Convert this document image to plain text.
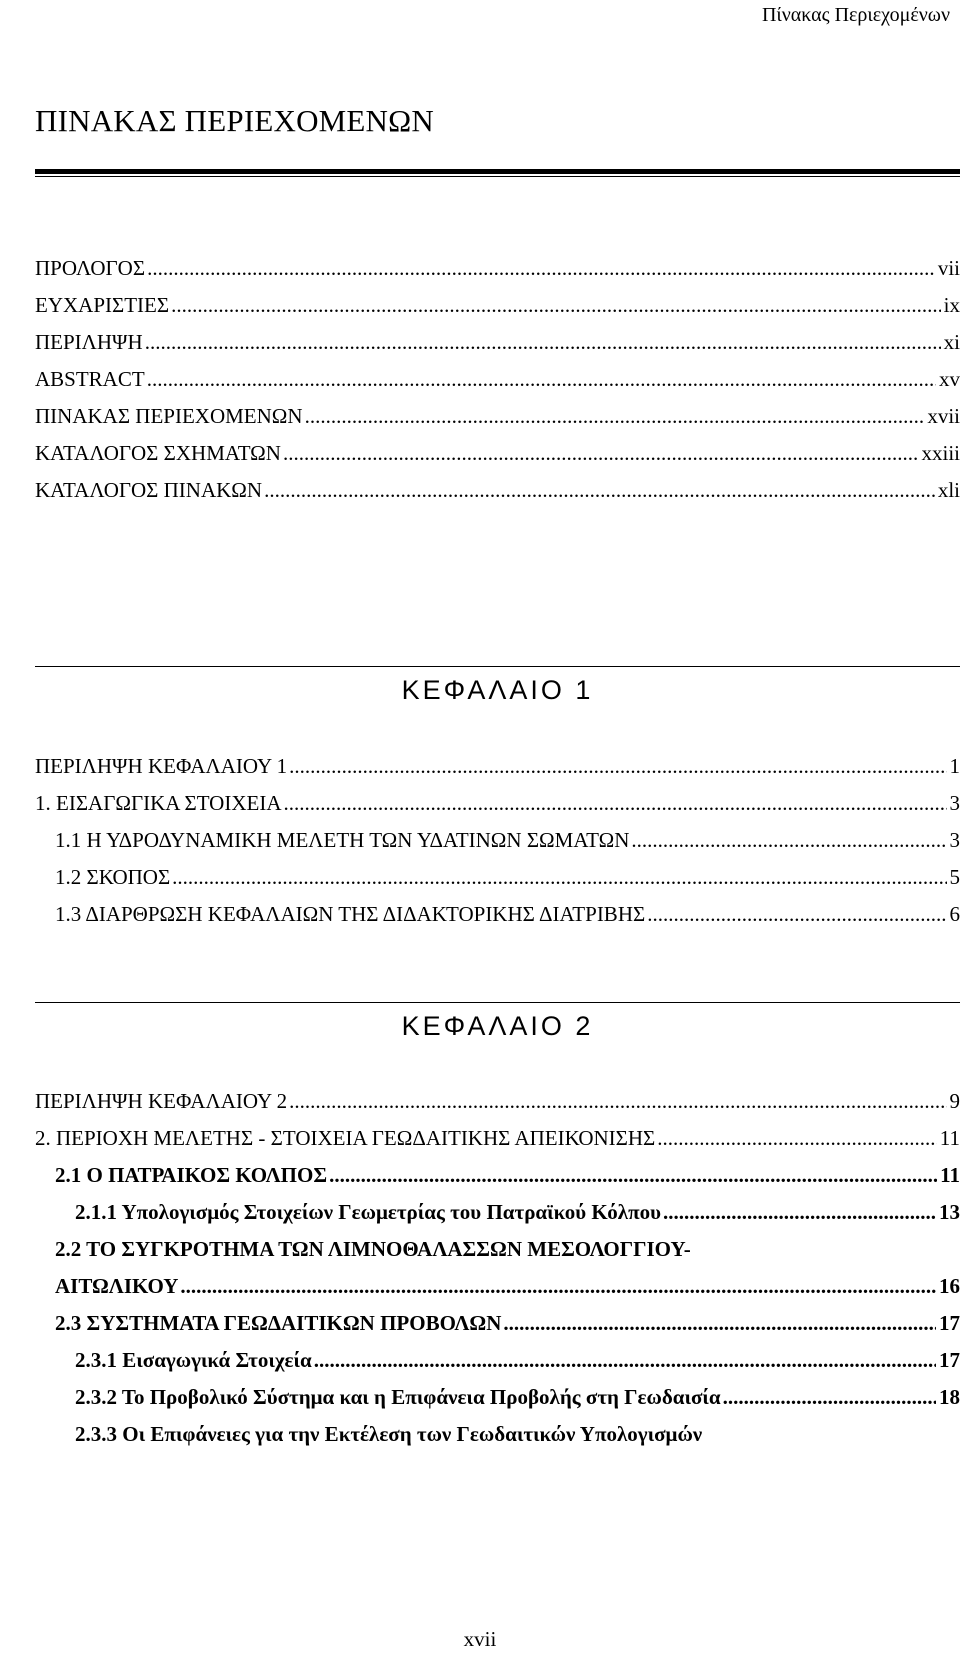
Πίνακας Περιεχομένων
ΠΙΝΑΚΑΣ ΠΕΡΙΕΧΟΜΕΝΩΝ
ΠΡΟΛΟΓΟΣ .....	vii
ΕΥΧΑΡΙΣΤΙΕΣ .....	ix
ΠΕΡΙΛΗΨΗ .....	xi
ABSTRACT .....	xv
ΠΙΝΑΚΑΣ ΠΕΡΙΕΧΟΜΕΝΩΝ .....	xvii
ΚΑΤΑΛΟΓΟΣ ΣΧΗΜΑΤΩΝ .....	xxiii
ΚΑΤΑΛΟΓΟΣ ΠΙΝΑΚΩΝ .....	xli
ΚΕΦΑΛΑΙΟ 1
ΠΕΡΙΛΗΨΗ ΚΕΦΑΛΑΙΟΥ 1 .....	1
1. ΕΙΣΑΓΩΓΙΚΑ ΣΤΟΙΧΕΙΑ .....	3
1.1 Η ΥΔΡΟΔΥΝΑΜΙΚΗ ΜΕΛΕΤΗ ΤΩΝ ΥΔΑΤΙΝΩΝ ΣΩΜΑΤΩΝ .....	3
1.2 ΣΚΟΠΟΣ .....	5
1.3 ΔΙΑΡΘΡΩΣΗ ΚΕΦΑΛΑΙΩΝ ΤΗΣ ΔΙΔΑΚΤΟΡΙΚΗΣ ΔΙΑΤΡΙΒΗΣ .....	6
ΚΕΦΑΛΑΙΟ 2
ΠΕΡΙΛΗΨΗ ΚΕΦΑΛΑΙΟΥ 2 .....	9
2. ΠΕΡΙΟΧΗ ΜΕΛΕΤΗΣ - ΣΤΟΙΧΕΙΑ ΓΕΩΔΑΙΤΙΚΗΣ ΑΠΕΙΚΟΝΙΣΗΣ .....	11
2.1 Ο ΠΑΤΡΑΙΚΟΣ ΚΟΛΠΟΣ .....	11
2.1.1 Υπολογισμός Στοιχείων Γεωμετρίας του Πατραϊκού Κόλπου .....	13
2.2 ΤΟ ΣΥΓΚΡΟΤΗΜΑ ΤΩΝ ΛΙΜΝΟΘΑΛΑΣΣΩΝ ΜΕΣΟΛΟΓΓΙΟΥ-
ΑΙΤΩΛΙΚΟΥ .....	16
2.3 ΣΥΣΤΗΜΑΤΑ ΓΕΩΔΑΙΤΙΚΩΝ ΠΡΟΒΟΛΩΝ .....	17
2.3.1 Εισαγωγικά Στοιχεία .....	17
2.3.2 Το Προβολικό Σύστημα και η Επιφάνεια Προβολής στη Γεωδαισία .....	18
2.3.3 Οι Επιφάνειες για την Εκτέλεση των Γεωδαιτικών Υπολογισμών
xvii
